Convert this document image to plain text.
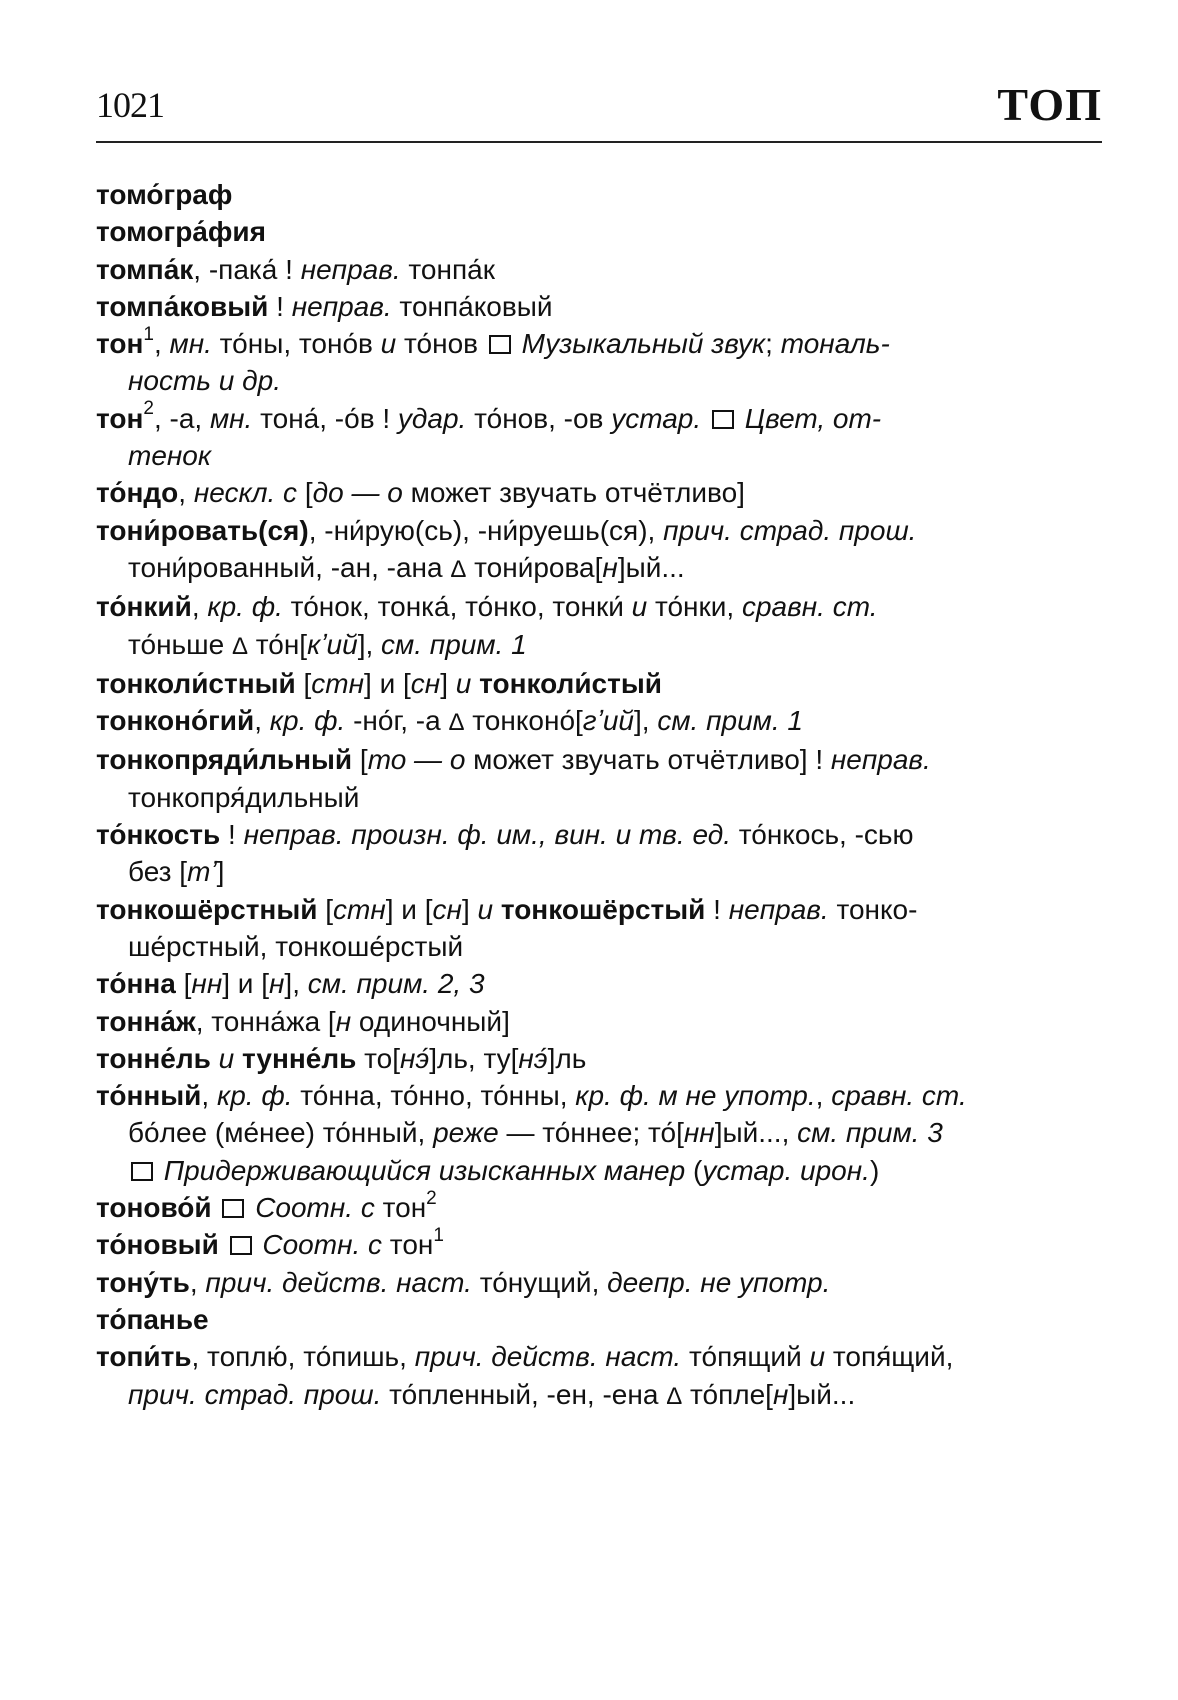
1021	ТОП
томо́граф
томогра́фия
томпа́к, -пака́ ! неправ. тонпа́к
томпа́ковый ! неправ. тонпа́ковый
тон$^1$, мн. то́ны, тоно́в и то́нов  Музыкальный звук; тональ-
ность и др.
тон$^2$, -а, мн. тона́, -о́в ! удар. то́нов, -ов устар. Цвет, от-
тенок
то́ндо, нескл. с [до — о может звучать отчётливо]
тони́ровать(ся), -ни́рую(сь), -ни́руешь(ся), прич. страд. прош.
тони́рованный, -ан, -ана Δ тони́рова[н]ый...
то́нкий, кр. ф. то́нок, тонка́, то́нко, тонки́ и то́нки, сравн. ст.
то́ньше Δ то́н[кʼий], см. прим. 1
тонколи́стный [стн] и [сн] и тонколи́стый
тонконо́гий, кр. ф. -но́г, -а Δ тонконо́[гʼий], см. прим. 1
тонкопряди́льный [то — о может звучать отчётливо] ! неправ.
тонкопря́дильный
то́нкость ! неправ. произн. ф. им., вин. и тв. ед. то́нкось, -сью
без [тʼ]
тонкошёрстный [стн] и [сн] и тонкошёрстый ! неправ. тонко-
ше́рстный, тонкоше́рстый
то́нна [нн] и [н], см. прим. 2, 3
тонна́ж, тонна́жа [н одиночный]
тонне́ль и тунне́ль то[нэ́]ль, ту[нэ́]ль
то́нный, кр. ф. то́нна, то́нно, то́нны, кр. ф. м не употр., сравн. ст.
бо́лее (ме́нее) то́нный, реже — то́ннее; то́[нн]ый..., см. прим. 3
Придерживающийся изысканных манер (устар. ирон.)
тоново́й Соотн. с тон$^2$
то́новый Соотн. с тон$^1$
тону́ть, прич. действ. наст. то́нущий, деепр. не употр.
то́панье
топи́ть, топлю́, то́пишь, прич. действ. наст. то́пящий и топя́щий,
прич. страд. прош. то́пленный, -ен, -ена Δ то́пле[н]ый...
